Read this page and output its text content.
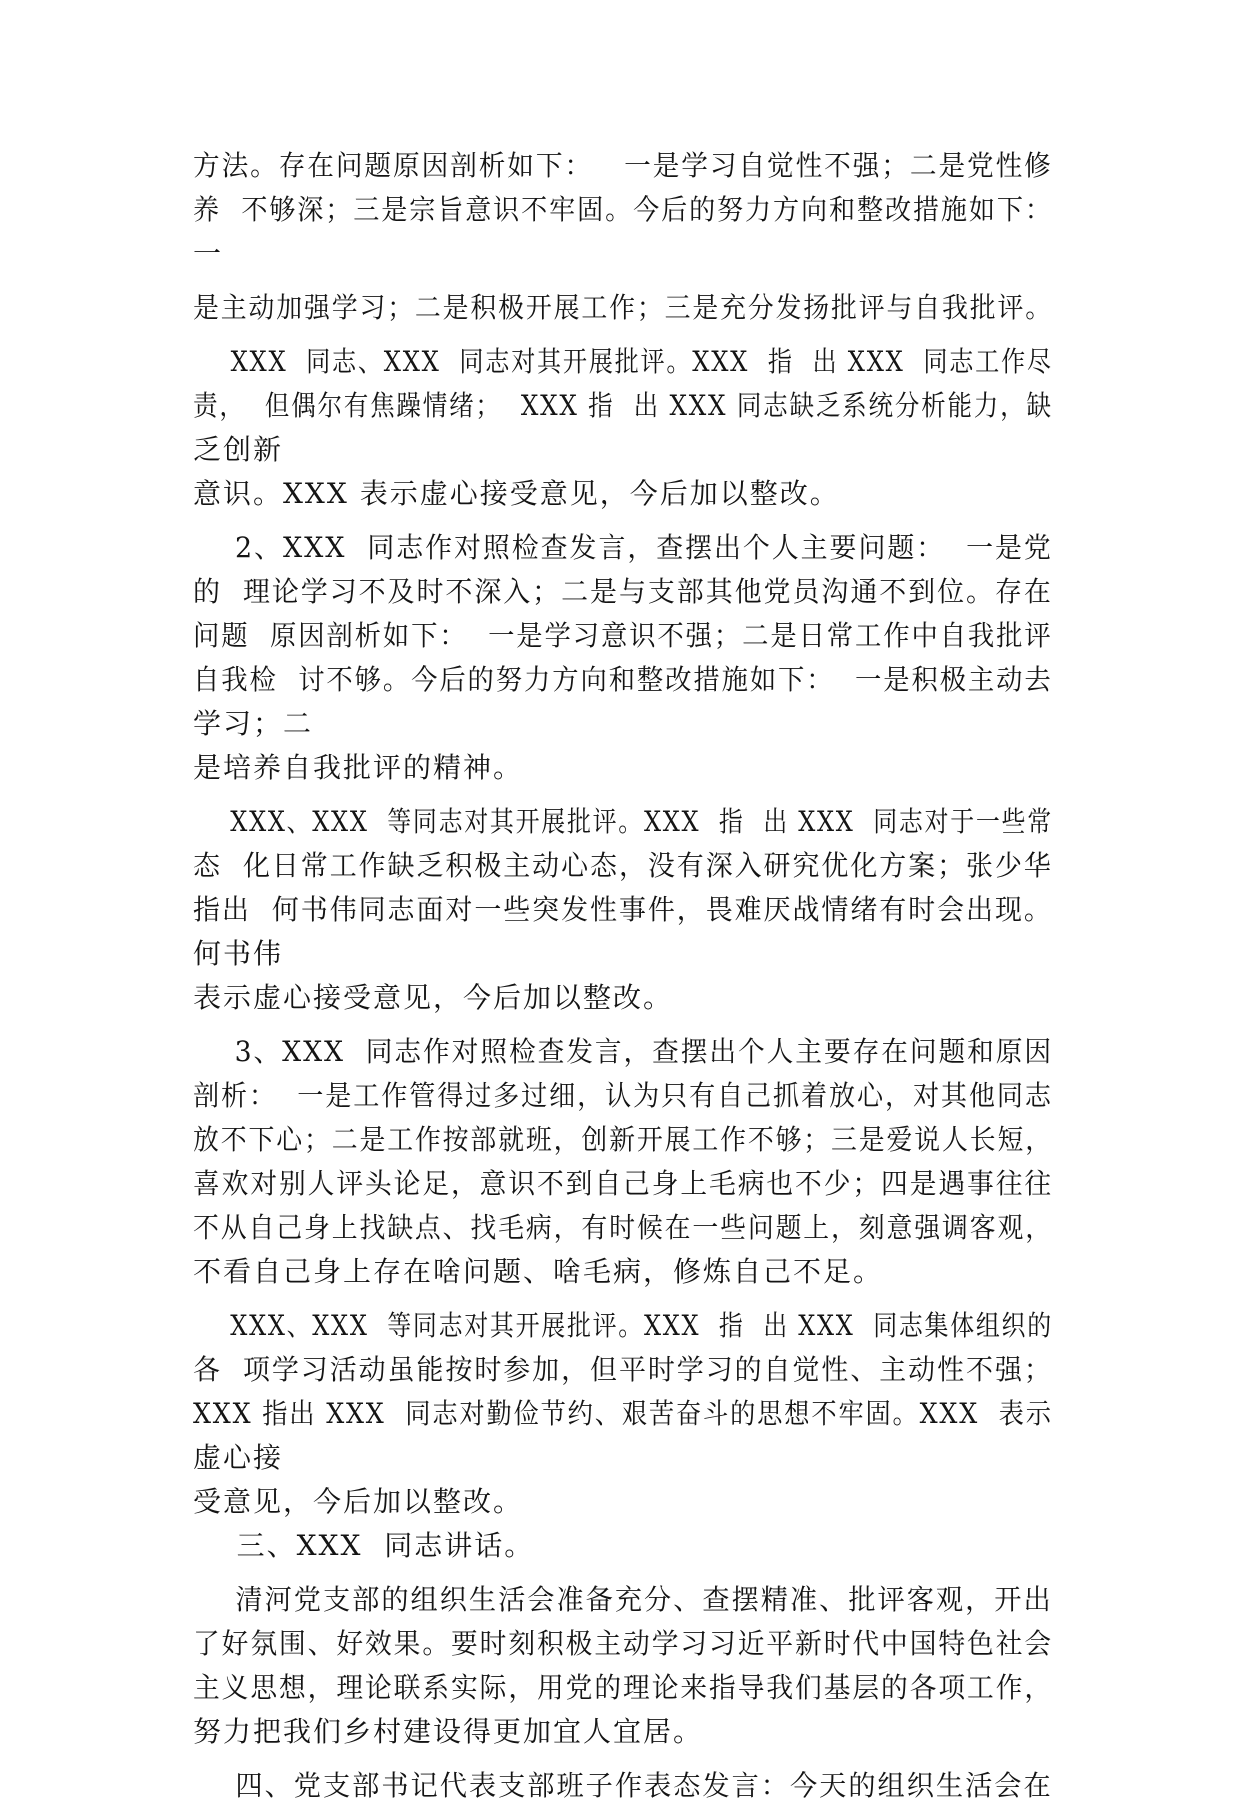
方法。存在问题原因剖析如下：   一是学习自觉性不强；二是党性修
养  不够深；三是宗旨意识不牢固。今后的努力方向和整改措施如下：
一
是主动加强学习；二是积极开展工作；三是充分发扬批评与自我批评。
XXX  同志、XXX  同志对其开展批评。XXX  指  出 XXX  同志工作尽
责，  但偶尔有焦躁情绪；  XXX 指  出 XXX 同志缺乏系统分析能力，缺
乏创新
意识。XXX 表示虚心接受意见，今后加以整改。
2、XXX  同志作对照检查发言，查摆出个人主要问题：  一是党
的  理论学习不及时不深入；二是与支部其他党员沟通不到位。存在
问题  原因剖析如下：  一是学习意识不强；二是日常工作中自我批评
自我检  讨不够。今后的努力方向和整改措施如下：  一是积极主动去
学习；二
是培养自我批评的精神。
XXX、XXX  等同志对其开展批评。XXX  指  出 XXX  同志对于一些常
态  化日常工作缺乏积极主动心态，没有深入研究优化方案；张少华
指出  何书伟同志面对一些突发性事件，畏难厌战情绪有时会出现。
何书伟
表示虚心接受意见，今后加以整改。
3、XXX  同志作对照检查发言，查摆出个人主要存在问题和原因
剖析：  一是工作管得过多过细，认为只有自己抓着放心，对其他同志
放不下心；二是工作按部就班，创新开展工作不够；三是爱说人长短，
喜欢对别人评头论足，意识不到自己身上毛病也不少；四是遇事往往
不从自己身上找缺点、找毛病，有时候在一些问题上，刻意强调客观，
不看自己身上存在啥问题、啥毛病，修炼自己不足。
XXX、XXX  等同志对其开展批评。XXX  指  出 XXX  同志集体组织的
各  项学习活动虽能按时参加，但平时学习的自觉性、主动性不强；
XXX 指出 XXX  同志对勤俭节约、艰苦奋斗的思想不牢固。XXX  表示
虚心接
受意见，今后加以整改。
三、XXX  同志讲话。
清河党支部的组织生活会准备充分、查摆精准、批评客观，开出
了好氛围、好效果。要时刻积极主动学习习近平新时代中国特色社会
主义思想，理论联系实际，用党的理论来指导我们基层的各项工作，
努力把我们乡村建设得更加宜人宜居。
四、党支部书记代表支部班子作表态发言：今天的组织生活会在
